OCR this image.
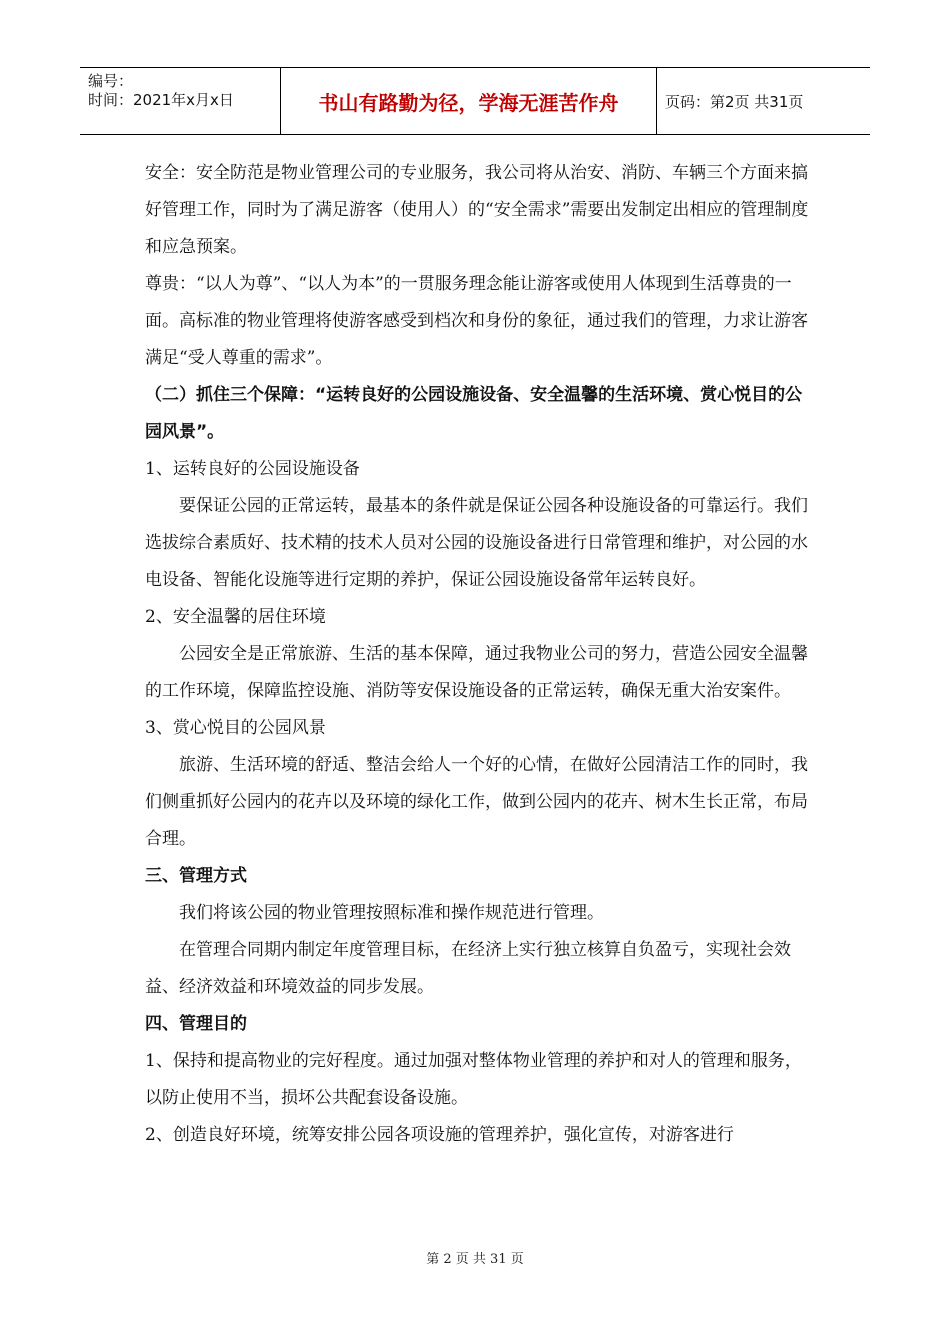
编号：
时间：2021年x月x日	书山有路勤为径，学海无涯苦作舟	页码：第2页 共31页

安全：安全防范是物业管理公司的专业服务，我公司将从治安、消防、车辆三个方面来搞好管理工作，同时为了满足游客（使用人）的“安全需求”需要出发制定出相应的管理制度和应急预案。

尊贵：“以人为尊”、“以人为本”的一贯服务理念能让游客或使用人体现到生活尊贵的一面。高标准的物业管理将使游客感受到档次和身份的象征，通过我们的管理，力求让游客满足“受人尊重的需求”。

（二）抓住三个保障：“运转良好的公园设施设备、安全温馨的生活环境、赏心悦目的公园风景”。

1、运转良好的公园设施设备

要保证公园的正常运转，最基本的条件就是保证公园各种设施设备的可靠运行。我们选拔综合素质好、技术精的技术人员对公园的设施设备进行日常管理和维护，对公园的水电设备、智能化设施等进行定期的养护，保证公园设施设备常年运转良好。

2、安全温馨的居住环境

公园安全是正常旅游、生活的基本保障，通过我物业公司的努力，营造公园安全温馨的工作环境，保障监控设施、消防等安保设施设备的正常运转，确保无重大治安案件。

3、赏心悦目的公园风景

旅游、生活环境的舒适、整洁会给人一个好的心情，在做好公园清洁工作的同时，我们侧重抓好公园内的花卉以及环境的绿化工作，做到公园内的花卉、树木生长正常，布局合理。

三、管理方式

我们将该公园的物业管理按照标准和操作规范进行管理。

在管理合同期内制定年度管理目标，在经济上实行独立核算自负盈亏，实现社会效益、经济效益和环境效益的同步发展。

四、管理目的

1、保持和提高物业的完好程度。通过加强对整体物业管理的养护和对人的管理和服务，以防止使用不当，损坏公共配套设备设施。

2、创造良好环境，统筹安排公园各项设施的管理养护，强化宣传，对游客进行

第 2 页 共 31 页
